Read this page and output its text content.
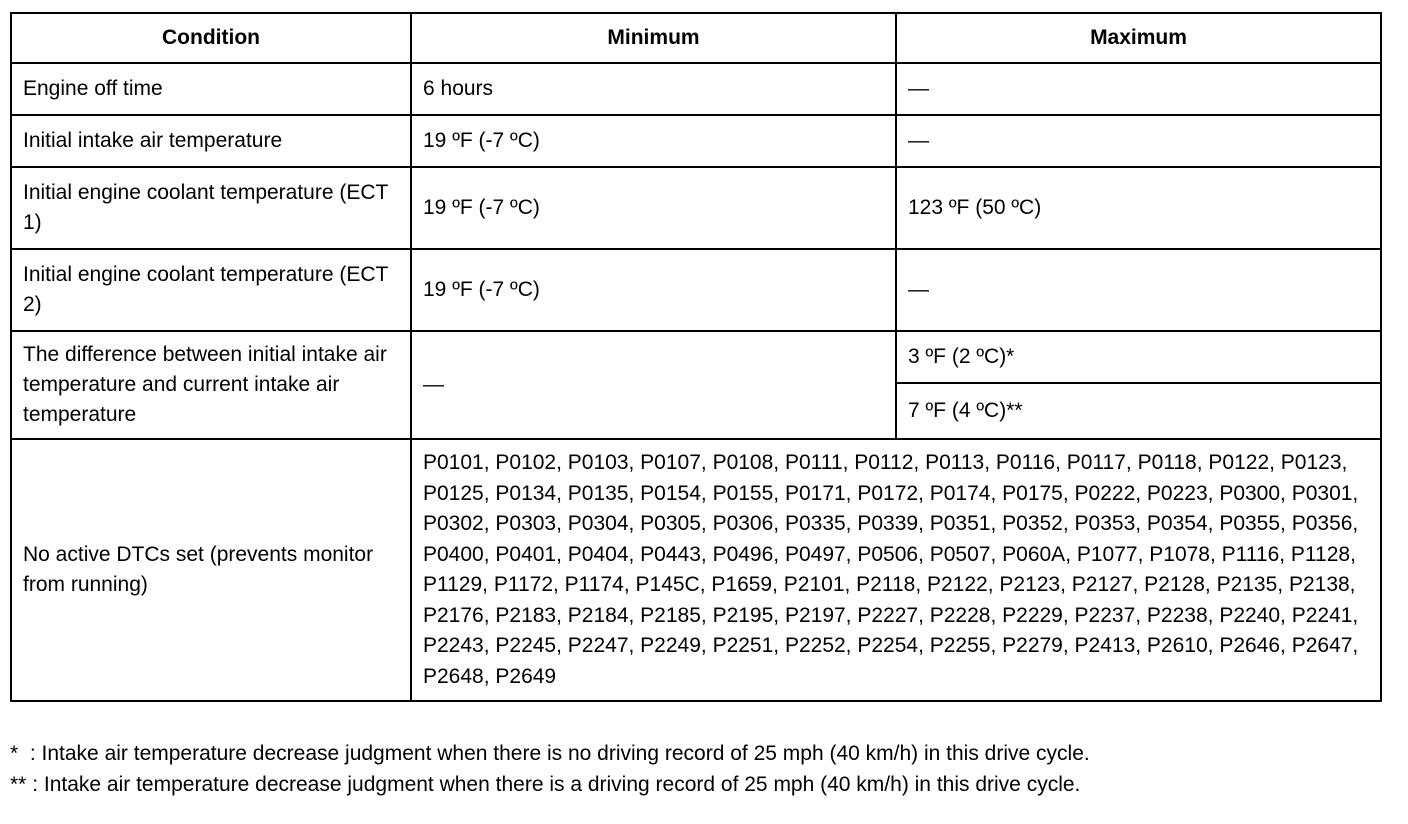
Condition	Minimum	Maximum
Engine off time	6 hours	—
Initial intake air temperature	19 ºF (-7 ºC)	—
Initial engine coolant temperature (ECT 1)	19 ºF (-7 ºC)	123 ºF (50 ºC)
Initial engine coolant temperature (ECT 2)	19 ºF (-7 ºC)	—
The difference between initial intake air temperature and current intake air temperature	—	3 ºF (2 ºC)*
		7 ºF (4 ºC)**
No active DTCs set (prevents monitor from running)	P0101, P0102, P0103, P0107, P0108, P0111, P0112, P0113, P0116, P0117, P0118, P0122, P0123, P0125, P0134, P0135, P0154, P0155, P0171, P0172, P0174, P0175, P0222, P0223, P0300, P0301, P0302, P0303, P0304, P0305, P0306, P0335, P0339, P0351, P0352, P0353, P0354, P0355, P0356, P0400, P0401, P0404, P0443, P0496, P0497, P0506, P0507, P060A, P1077, P1078, P1116, P1128, P1129, P1172, P1174, P145C, P1659, P2101, P2118, P2122, P2123, P2127, P2128, P2135, P2138, P2176, P2183, P2184, P2185, P2195, P2197, P2227, P2228, P2229, P2237, P2238, P2240, P2241, P2243, P2245, P2247, P2249, P2251, P2252, P2254, P2255, P2279, P2413, P2610, P2646, P2647, P2648, P2649	
* : Intake air temperature decrease judgment when there is no driving record of 25 mph (40 km/h) in this drive cycle.
** : Intake air temperature decrease judgment when there is a driving record of 25 mph (40 km/h) in this drive cycle.
